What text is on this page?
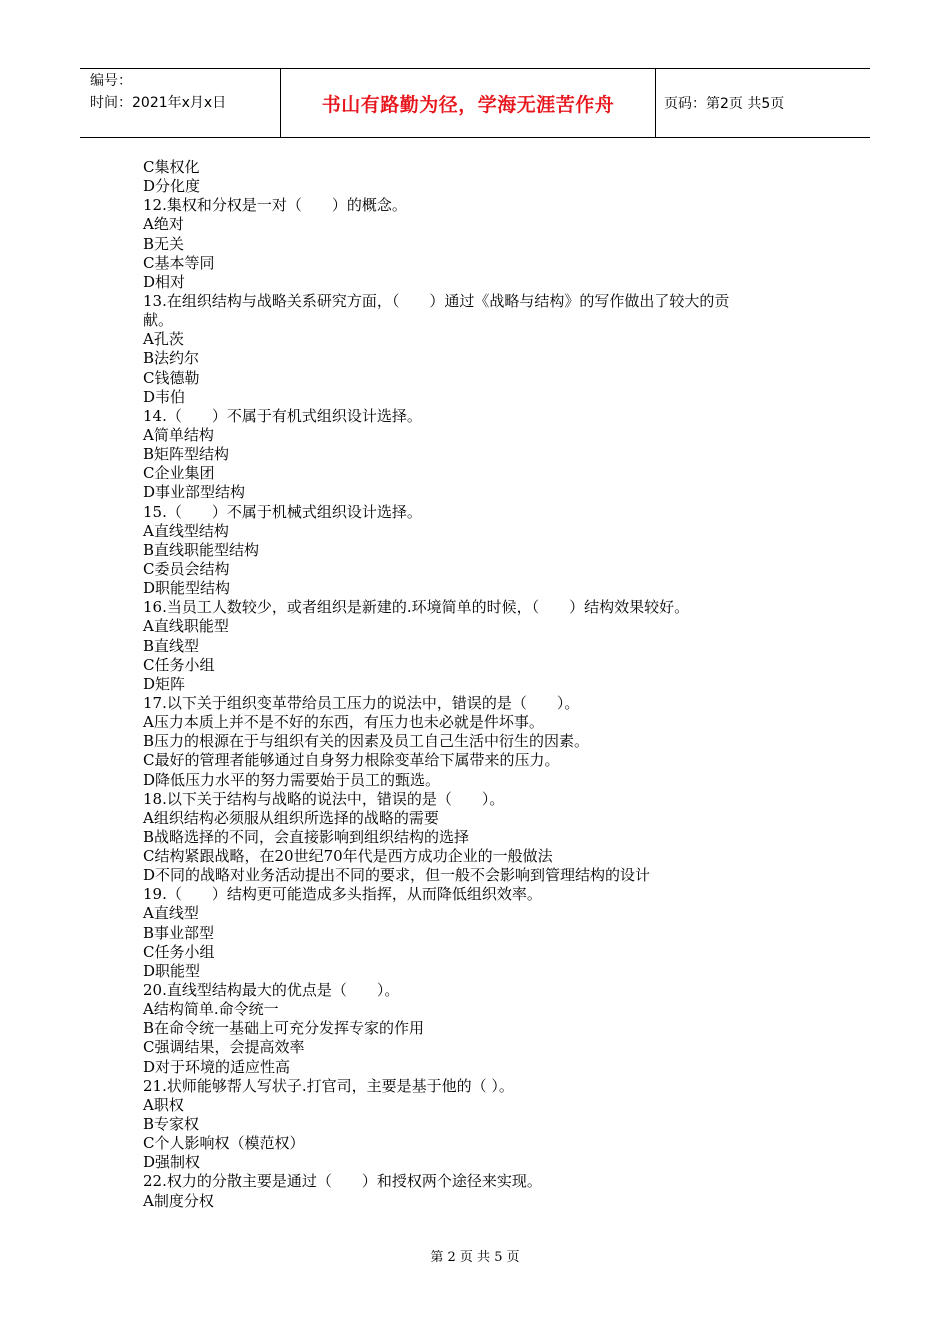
编号：
时间：2021年x月x日	书山有路勤为径，学海无涯苦作舟	页码：第2页 共5页
C集权化
D分化度
12.集权和分权是一对（　　）的概念。
A绝对
B无关
C基本等同
D相对
13.在组织结构与战略关系研究方面，（　　）通过《战略与结构》的写作做出了较大的贡
献。
A孔茨
B法约尔
C钱德勒
D韦伯
14.（　　）不属于有机式组织设计选择。
A简单结构
B矩阵型结构
C企业集团
D事业部型结构
15.（　　）不属于机械式组织设计选择。
A直线型结构
B直线职能型结构
C委员会结构
D职能型结构
16.当员工人数较少，或者组织是新建的.环境简单的时候，（　　）结构效果较好。
A直线职能型
B直线型
C任务小组
D矩阵
17.以下关于组织变革带给员工压力的说法中，错误的是（　　）。
A压力本质上并不是不好的东西，有压力也未必就是件坏事。
B压力的根源在于与组织有关的因素及员工自己生活中衍生的因素。
C最好的管理者能够通过自身努力根除变革给下属带来的压力。
D降低压力水平的努力需要始于员工的甄选。
18.以下关于结构与战略的说法中，错误的是（　　）。
A组织结构必须服从组织所选择的战略的需要
B战略选择的不同，会直接影响到组织结构的选择
C结构紧跟战略，在20世纪70年代是西方成功企业的一般做法
D不同的战略对业务活动提出不同的要求，但一般不会影响到管理结构的设计
19.（　　）结构更可能造成多头指挥，从而降低组织效率。
A直线型
B事业部型
C任务小组
D职能型
20.直线型结构最大的优点是（　　）。
A结构简单.命令统一
B在命令统一基础上可充分发挥专家的作用
C强调结果，会提高效率
D对于环境的适应性高
21.状师能够帮人写状子.打官司，主要是基于他的（ ）。
A职权
B专家权
C个人影响权（模范权）
D强制权
22.权力的分散主要是通过（　　）和授权两个途径来实现。
A制度分权
第 2 页 共 5 页
